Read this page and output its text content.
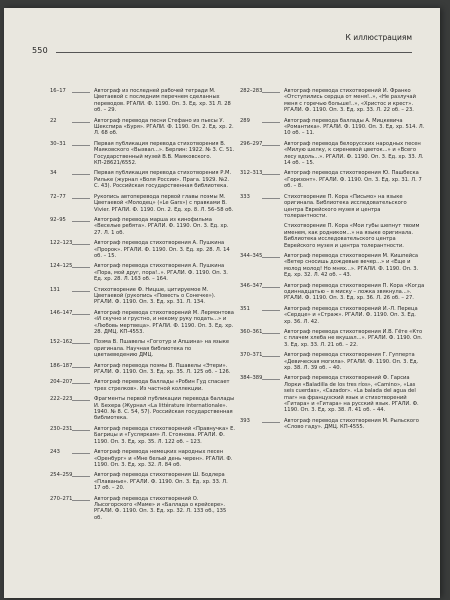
550
К иллюстрациям
16–17	Автограф из последней рабочей тетради М. Цветаевой с последним перечнем сделанных переводов. РГАЛИ. Ф. 1190. Оп. 3. Ед. хр. 31 Л. 28 об. – 29.
22	Автограф перевода песни Стефано из пьесы У. Шекспира «Буря». РГАЛИ. Ф. 1190. Оп. 2. Ед. хр. 2. Л. 68 об.
30–31	Первая публикация перевода стихотворения В. Маяковского «Вызвал...». Берлин: 1922. № 3. С. 51. Государственный музей В.В. Маяковского. КП-28621/6552.
34	Первая публикация перевода стихотворения Р.М. Рильке (журнал «Воля России». Прага. 1929. №2. С. 43). Российская государственная библиотека.
72–77	Рукопись автоперевода первой главы поэмы М. Цветаевой «Молодец» («Le Gars») с правками В. Vivier. РГАЛИ. Ф. 1190. Оп. 2. Ед. хр. 8. Л. 56–58 об.
92–95	Автограф перевода марша из кинофильма «Веселые ребята». РГАЛИ. Ф. 1190. Оп. 3. Ед. хр. 27. Л. 1 об.
122–123	Автограф перевода стихотворения А. Пушкина «Пророк». РГАЛИ. Ф. 1190. Оп. 3. Ед. хр. 28. Л. 14 об. – 15.
124–125	Автограф перевода стихотворения А. Пушкина «Пора, мой друг, пора!..». РГАЛИ. Ф. 1190. Оп. 3. Ед. хр. 28. Л. 163 об. – 164.
131	Стихотворение Ф. Ницше, цитируемое М. Цветаевой (рукопись «Повесть о Сонечке»). РГАЛИ. Ф. 1190. Оп. 3. Ед. хр. 31. Л. 134.
146–147	Автограф перевода стихотворений М. Лермонтова «И скучно и грустно, и некому руку подать...» и «Любовь мертвеца». РГАЛИ. Ф. 1190. Оп. 3. Ед. хр. 28. ДМЦ. КП-4553.
152–162	Поэма В. Пшавелы «Гоготур и Апшина» на языке оригинала. Научная библиотека по цветаеведению ДМЦ.
186–187	Автограф перевода поэмы В. Пшавелы «Этери». РГАЛИ. Ф. 1190. Оп. 3. Ед. хр. 35. Л. 125 об. – 126.
204–207	Автограф перевода баллады «Робин Гуд спасает трех стрелков». Из частной коллекции.
222–223	Фрагменты первой публикации перевода баллады И. Бехера (Журнал «La littérature internationale». 1940. № 8. С. 54, 57). Российская государственная библиотека.
230–231	Автограф перевода стихотворений «Правнучка» Е. Багрицы и «Гусляркам» Л. Стоянова. РГАЛИ. Ф. 1190. Оп. 3. Ед. хр. 35. Л. 122 об. – 123.
243	Автограф перевода немецких народных песен «Оренбург» и «Мне белый день черен». РГАЛИ. Ф. 1190. Оп. 3. Ед. хр. 32. Л. 84 об.
254–259	Автограф перевода стихотворения Ш. Бодлера «Плаванье». РГАЛИ. Ф. 1190. Оп. 3. Ед. хр. 33. Л. 17 об. – 20.
270–271	Автограф перевода стихотворений О. Лысогорского «Маме» и «Баллада о крейсере». РГАЛИ. Ф. 1190. Оп. 3. Ед. хр. 32. Л. 133 об., 135 об.
282–283	Автограф перевода стихотворений И. Франко «Отступились сердца от меня!..», «Не разлучай меня с горечью больше!..», «Христос и крест». РГАЛИ. Ф. 1190. Оп. 3. Ед. хр. 33. Л. 22 об. – 23.
289	Автограф перевода баллады А. Мицкевича «Романтика». РГАЛИ. Ф. 1190. Оп. 3. Ед. хр. 514. Л. 10 об. – 11.
296–297	Автограф перевода белорусских народных песен «Милую шелку, к сиреневой цветок...» и «Всего лесу вдоль...». РГАЛИ. Ф. 1190. Оп. 3. Ед. хр. 33. Л. 14 об. – 15.
312–313	Автограф перевода стихотворения Ю. Пашбеска «Горизонт». РГАЛИ. Ф. 1190. Оп. 3. Ед. хр. 31. Л. 7 об. – 8.
333	Стихотворение П. Кора «Письмо» на языке оригинала. Библиотека исследовательского центра Еврейского музея и центра толерантности.
Стихотворение П. Кора «Мои губы шепнут твоим именем, как родником...» на языке оригинала. Библиотека исследовательского центра Еврейского музея и центра толерантности.
344–345	Автограф перевода стихотворения М. Кишпейса «Ветер сносишь дождевые вечер...» и «Еще и молод молод! Но мнях...». РГАЛИ. Ф. 1190. Оп. 3. Ед. хр. 32. Л. 42 об. – 43.
346–347	Автограф перевода стихотворения П. Кора «Когда одиннадцатью – в миску – ложка звякнула...». РГАЛИ. Ф. 1190. Оп. 3. Ед. хр. 36. Л. 26 об. – 27.
351	Автограф перевода стихотворений И.-Л. Переца «Сердце» и «Страж». РГАЛИ. Ф. 1190. Оп. 3. Ед. хр. 36. Л. 42.
360–361	Автограф перевода стихотворения И.В. Гёте «Кто с плачем хлеба не вкушал...». РГАЛИ. Ф. 1190. Оп. 3. Ед. хр. 33. Л. 21 об. – 22.
370–371	Автограф перевода стихотворения Г. Гупперта «Девическая могила». РГАЛИ. Ф. 1190. Оп. 3. Ед. хр. 38. Л. 39 об. – 40.
384–389	Автограф перевода стихотворений Ф. Гарсиа Лорки «Baladilla de los tres ríos», «Camino», «Las seis cuerdas», «Cazador». «La balada del agua del mar» на французский язык и стихотворений «Гитара» и «Гитара» на русский язык. РГАЛИ. Ф. 1190. Оп. 3. Ед. хр. 38. Л. 41 об. – 44.
393	Автограф перевода стихотворения М. Рыльского «Слово гаду». ДМЦ. КП-4555.
